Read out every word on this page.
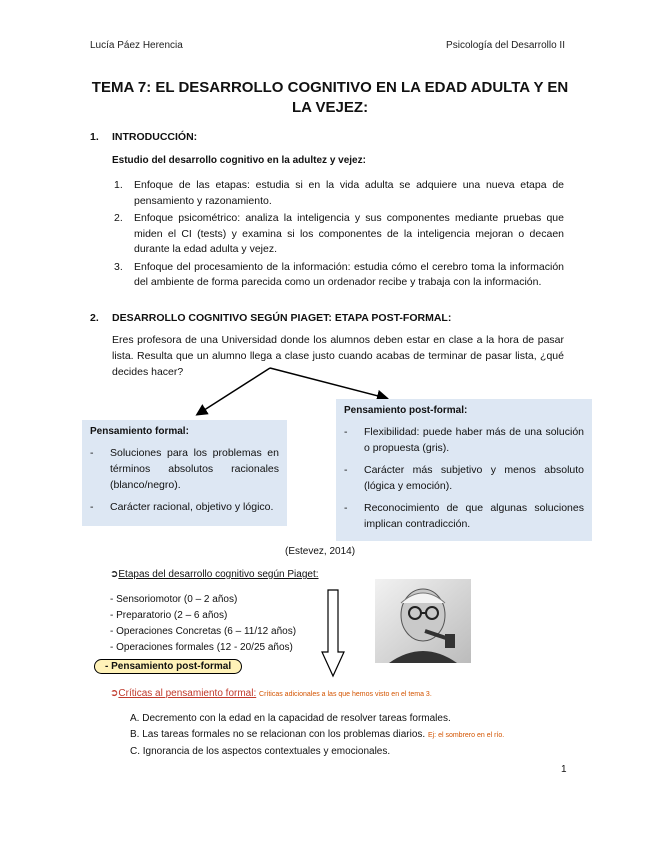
Lucía Páez Herencia	Psicología del Desarrollo II
TEMA 7: EL DESARROLLO COGNITIVO EN LA EDAD ADULTA Y EN LA VEJEZ:
1. INTRODUCCIÓN:
Estudio del desarrollo cognitivo en la adultez y vejez:
1. Enfoque de las etapas: estudia si en la vida adulta se adquiere una nueva etapa de pensamiento y razonamiento.
2. Enfoque psicométrico: analiza la inteligencia y sus componentes mediante pruebas que miden el CI (tests) y examina si los componentes de la inteligencia mejoran o decaen durante la edad adulta y vejez.
3. Enfoque del procesamiento de la información: estudia cómo el cerebro toma la información del ambiente de forma parecida como un ordenador recibe y trabaja con la información.
2. DESARROLLO COGNITIVO SEGÚN PIAGET: ETAPA POST-FORMAL:
Eres profesora de una Universidad donde los alumnos deben estar en clase a la hora de pasar lista. Resulta que un alumno llega a clase justo cuando acabas de terminar de pasar lista, ¿qué decides hacer?
Pensamiento formal:
- Soluciones para los problemas en términos absolutos racionales (blanco/negro).
- Carácter racional, objetivo y lógico.
Pensamiento post-formal:
- Flexibilidad: puede haber más de una solución o propuesta (gris).
- Carácter más subjetivo y menos absoluto (lógica y emoción).
- Reconocimiento de que algunas soluciones implican contradicción.
(Estevez, 2014)
➲Etapas del desarrollo cognitivo según Piaget:
- Sensoriomotor (0 – 2 años)
- Preparatorio (2 – 6 años)
- Operaciones Concretas (6 – 11/12 años)
- Operaciones formales (12 - 20/25 años)
- Pensamiento post-formal
➲Críticas al pensamiento formal: Críticas adicionales a las que hemos visto en el tema 3.
A. Decremento con la edad en la capacidad de resolver tareas formales.
B. Las tareas formales no se relacionan con los problemas diarios. Ej: el sombrero en el río.
C. Ignorancia de los aspectos contextuales y emocionales.
1
